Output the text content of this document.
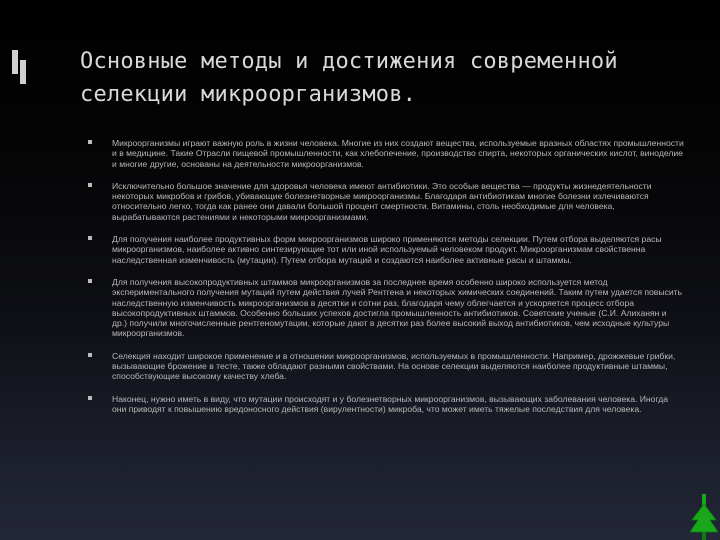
Основные методы и достижения современной селекции микроорганизмов.
Микроорганизмы играют важную роль в жизни человека. Многие из них создают вещества, используемые вразных областях промышленности и в медицине. Такие Отрасли пищевой промышленности, как хлебопечение, производство спирта, некоторых органических кислот, виноделие и многие другие, основаны на деятельности микроорганизмов.
Исключительно большое значение для здоровья человека имеют антибиотики. Это особые вещества — продукты жизнедеятельности некоторых микробов и грибов, убивающие болезнетворные микроорганизмы. Благодаря антибиотикам многие болезни излечиваются относительно легко, тогда как ранее они давали большой процент смертности. Витамины, столь необходимые для человека, вырабатываются растениями и некоторыми микроорганизмами.
Для получения наиболее продуктивных форм микроорганизмов широко применяются методы селекции. Путем отбора выделяются расы микроорганизмов, наиболее активно синтезирующие тот или иной используемый человеком продукт. Микроорганизмам свойственна наследственная изменчивость (мутации). Путем отбора мутаций и создаются наиболее активные расы и штаммы.
Для получения высокопродуктивных штаммов микроорганизмов за последнее время особенно широко используется метод экспериментального получения мутаций путем действия лучей Рентгена и некоторых химических соединений. Таким путем удается повысить наследственную изменчивость микроорганизмов в десятки и сотни раз, благодаря чему облегчается и ускоряется процесс отбора высокопродуктивных штаммов. Особенно больших успехов достигла промышленность антибиотиков. Советские ученые (С.И. Алиханян и др.) получили многочисленные рентгеномутации, которые дают в десятки раз более высокий выход антибиотиков, чем исходные культуры микроорганизмов.
Селекция находит широкое применение и в отношении микроорганизмов, используемых в промышленности. Например, дрожжевые грибки, вызывающие брожение в тесте, также обладают разными свойствами. На основе селекции выделяются наиболее продуктивные штаммы, способствующие высокому качеству хлеба.
Наконец, нужно иметь в виду, что мутации происходят и у болезнетворных микроорганизмов, вызывающих заболевания человека. Иногда они приводят к повышению вредоносного действия (вирулентности) микроба, что может иметь тяжелые последствия для человека.
